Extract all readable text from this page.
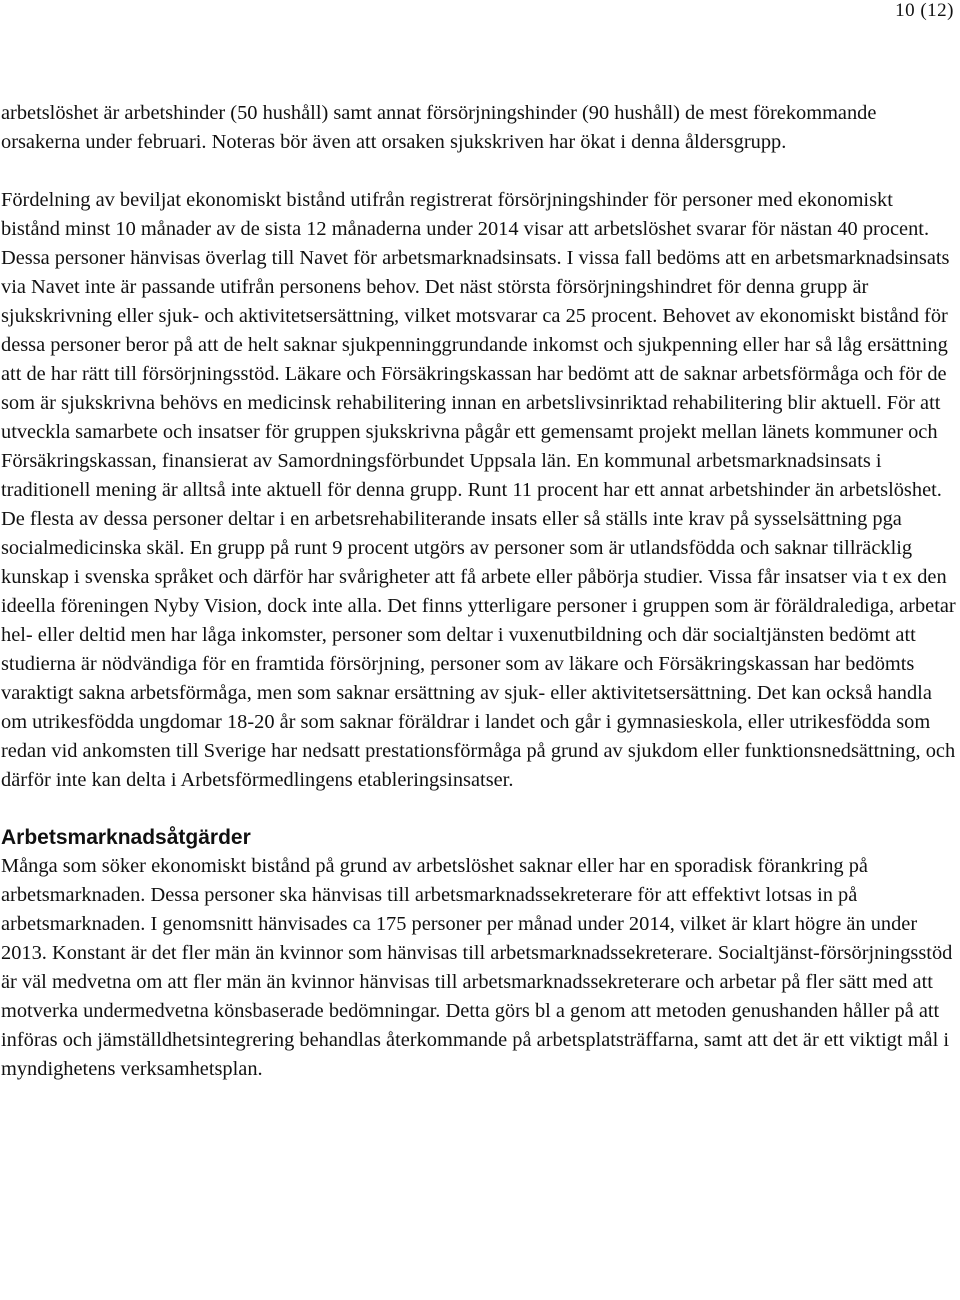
10 (12)

arbetslöshet är arbetshinder (50 hushåll) samt annat försörjningshinder (90 hushåll) de mest förekommande orsakerna under februari. Noteras bör även att orsaken sjukskriven har ökat i denna åldersgrupp.

Fördelning av beviljat ekonomiskt bistånd utifrån registrerat försörjningshinder för personer med ekonomiskt bistånd minst 10 månader av de sista 12 månaderna under 2014 visar att arbetslöshet svarar för nästan 40 procent. Dessa personer hänvisas överlag till Navet för arbetsmarknadsinsats. I vissa fall bedöms att en arbetsmarknadsinsats via Navet inte är passande utifrån personens behov. Det näst största försörjningshindret för denna grupp är sjukskrivning eller sjuk- och aktivitetsersättning, vilket motsvarar ca 25 procent. Behovet av ekonomiskt bistånd för dessa personer beror på att de helt saknar sjukpenninggrundande inkomst och sjukpenning eller har så låg ersättning att de har rätt till försörjningsstöd. Läkare och Försäkringskassan har bedömt att de saknar arbetsförmåga och för de som är sjukskrivna behövs en medicinsk rehabilitering innan en arbetslivsinriktad rehabilitering blir aktuell. För att utveckla samarbete och insatser för gruppen sjukskrivna pågår ett gemensamt projekt mellan länets kommuner och Försäkringskassan, finansierat av Samordningsförbundet Uppsala län. En kommunal arbetsmarknadsinsats i traditionell mening är alltså inte aktuell för denna grupp. Runt 11 procent har ett annat arbetshinder än arbetslöshet. De flesta av dessa personer deltar i en arbetsrehabiliterande insats eller så ställs inte krav på sysselsättning pga socialmedicinska skäl. En grupp på runt 9 procent utgörs av personer som är utlandsfödda och saknar tillräcklig kunskap i svenska språket och därför har svårigheter att få arbete eller påbörja studier. Vissa får insatser via t ex den ideella föreningen Nyby Vision, dock inte alla. Det finns ytterligare personer i gruppen som är föräldralediga, arbetar hel- eller deltid men har låga inkomster, personer som deltar i vuxenutbildning och där socialtjänsten bedömt att studierna är nödvändiga för en framtida försörjning, personer som av läkare och Försäkringskassan har bedömts varaktigt sakna arbetsförmåga, men som saknar ersättning av sjuk- eller aktivitetsersättning. Det kan också handla om utrikesfödda ungdomar 18-20 år som saknar föräldrar i landet och går i gymnasieskola, eller utrikesfödda som redan vid ankomsten till Sverige har nedsatt prestationsförmåga på grund av sjukdom eller funktionsnedsättning, och därför inte kan delta i Arbetsförmedlingens etableringsinsatser.

Arbetsmarknadsåtgärder

Många som söker ekonomiskt bistånd på grund av arbetslöshet saknar eller har en sporadisk förankring på arbetsmarknaden. Dessa personer ska hänvisas till arbetsmarknadssekreterare för att effektivt lotsas in på arbetsmarknaden. I genomsnitt hänvisades ca 175 personer per månad under 2014, vilket är klart högre än under 2013. Konstant är det fler män än kvinnor som hänvisas till arbetsmarknadssekreterare. Socialtjänst-försörjningsstöd är väl medvetna om att fler män än kvinnor hänvisas till arbetsmarknadssekreterare och arbetar på fler sätt med att motverka undermedvetna könsbaserade bedömningar. Detta görs bl a genom att metoden genushanden håller på att införas och jämställdhetsintegrering behandlas återkommande på arbetsplatsträffarna, samt att det är ett viktigt mål i myndighetens verksamhetsplan.
